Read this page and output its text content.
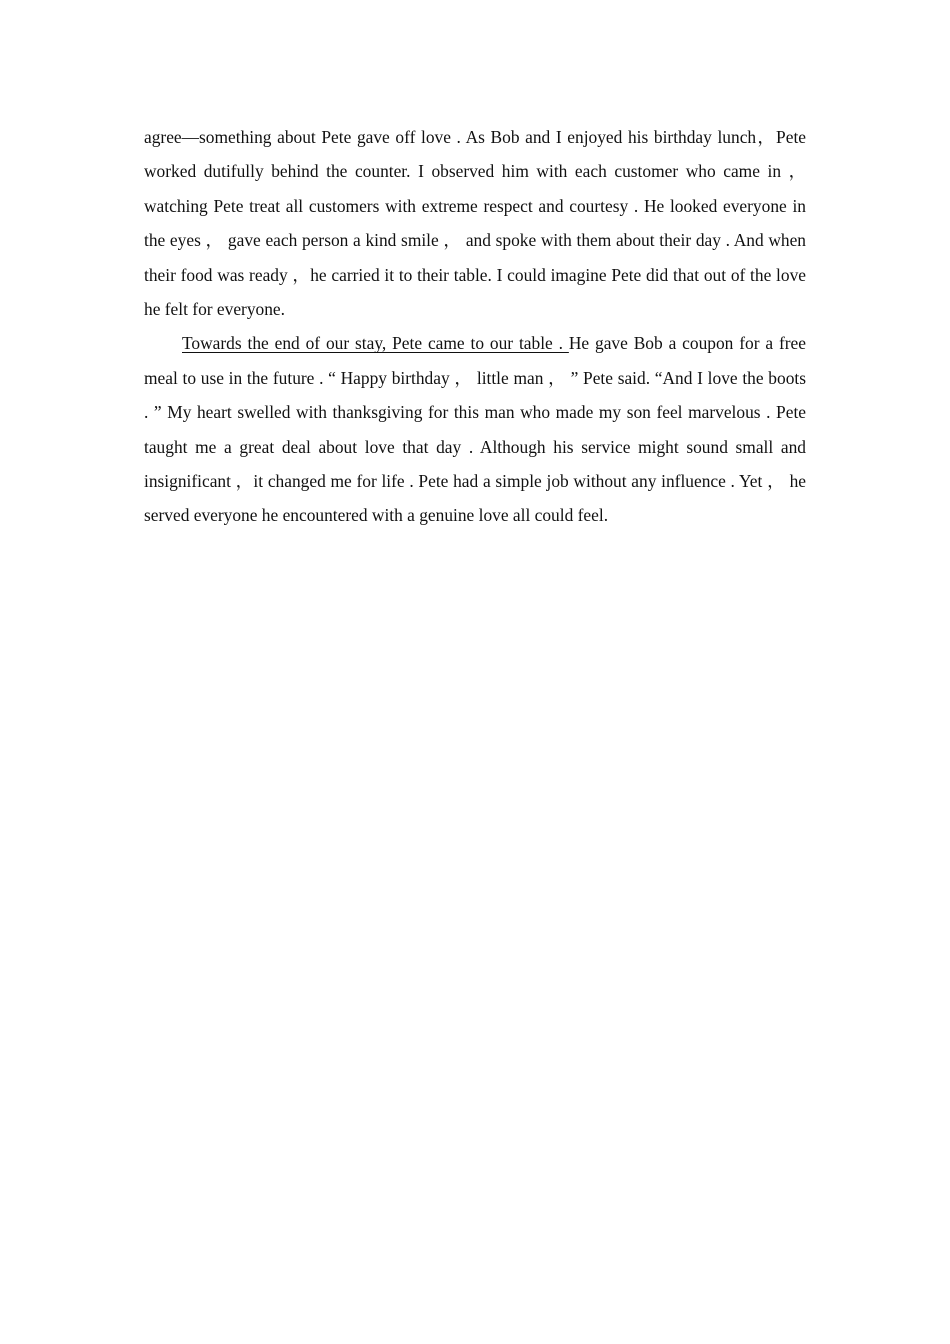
agree—something about Pete gave off love . As Bob and I enjoyed his birthday lunch，Pete worked dutifully behind the counter. I observed him with each customer who came in ， watching Pete treat all customers with extreme respect and courtesy . He looked everyone in the eyes ， gave each person a kind smile ， and spoke with them about their day . And when their food was ready ，he carried it to their table. I could imagine Pete did that out of the love he felt for everyone.

Towards the end of our stay, Pete came to our table . He gave Bob a coupon for a free meal to use in the future . “ Happy birthday ， little man ， ” Pete said. “And I love the boots . ” My heart swelled with thanksgiving for this man who made my son feel marvelous . Pete taught me a great deal about love that day . Although his service might sound small and insignificant ，it changed me for life . Pete had a simple job without any influence . Yet ， he served everyone he encountered with a genuine love all could feel.
